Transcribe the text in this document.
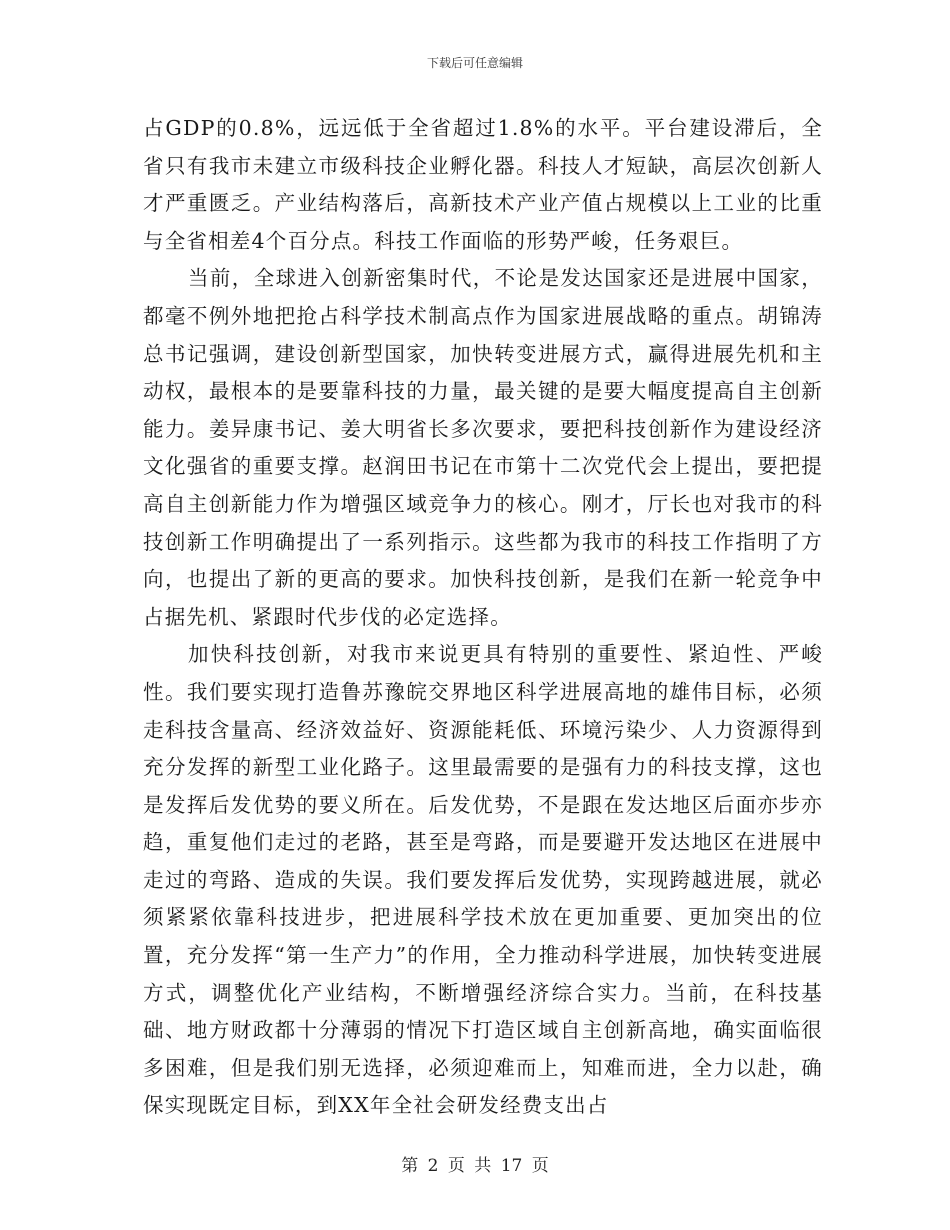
下载后可任意编辑

占GDP的0.8%，远远低于全省超过1.8%的水平。平台建设滞后，全省只有我市未建立市级科技企业孵化器。科技人才短缺，高层次创新人才严重匮乏。产业结构落后，高新技术产业产值占规模以上工业的比重与全省相差4个百分点。科技工作面临的形势严峻，任务艰巨。

当前，全球进入创新密集时代，不论是发达国家还是进展中国家，都毫不例外地把抢占科学技术制高点作为国家进展战略的重点。胡锦涛总书记强调，建设创新型国家，加快转变进展方式，赢得进展先机和主动权，最根本的是要靠科技的力量，最关键的是要大幅度提高自主创新能力。姜异康书记、姜大明省长多次要求，要把科技创新作为建设经济文化强省的重要支撑。赵润田书记在市第十二次党代会上提出，要把提高自主创新能力作为增强区域竞争力的核心。刚才，厅长也对我市的科技创新工作明确提出了一系列指示。这些都为我市的科技工作指明了方向，也提出了新的更高的要求。加快科技创新，是我们在新一轮竞争中占据先机、紧跟时代步伐的必定选择。

加快科技创新，对我市来说更具有特别的重要性、紧迫性、严峻性。我们要实现打造鲁苏豫皖交界地区科学进展高地的雄伟目标，必须走科技含量高、经济效益好、资源能耗低、环境污染少、人力资源得到充分发挥的新型工业化路子。这里最需要的是强有力的科技支撑，这也是发挥后发优势的要义所在。后发优势，不是跟在发达地区后面亦步亦趋，重复他们走过的老路，甚至是弯路，而是要避开发达地区在进展中走过的弯路、造成的失误。我们要发挥后发优势，实现跨越进展，就必须紧紧依靠科技进步，把进展科学技术放在更加重要、更加突出的位置，充分发挥“第一生产力”的作用，全力推动科学进展，加快转变进展方式，调整优化产业结构，不断增强经济综合实力。当前，在科技基础、地方财政都十分薄弱的情况下打造区域自主创新高地，确实面临很多困难，但是我们别无选择，必须迎难而上，知难而进，全力以赴，确保实现既定目标，到XX年全社会研发经费支出占

第 2 页 共 17 页
